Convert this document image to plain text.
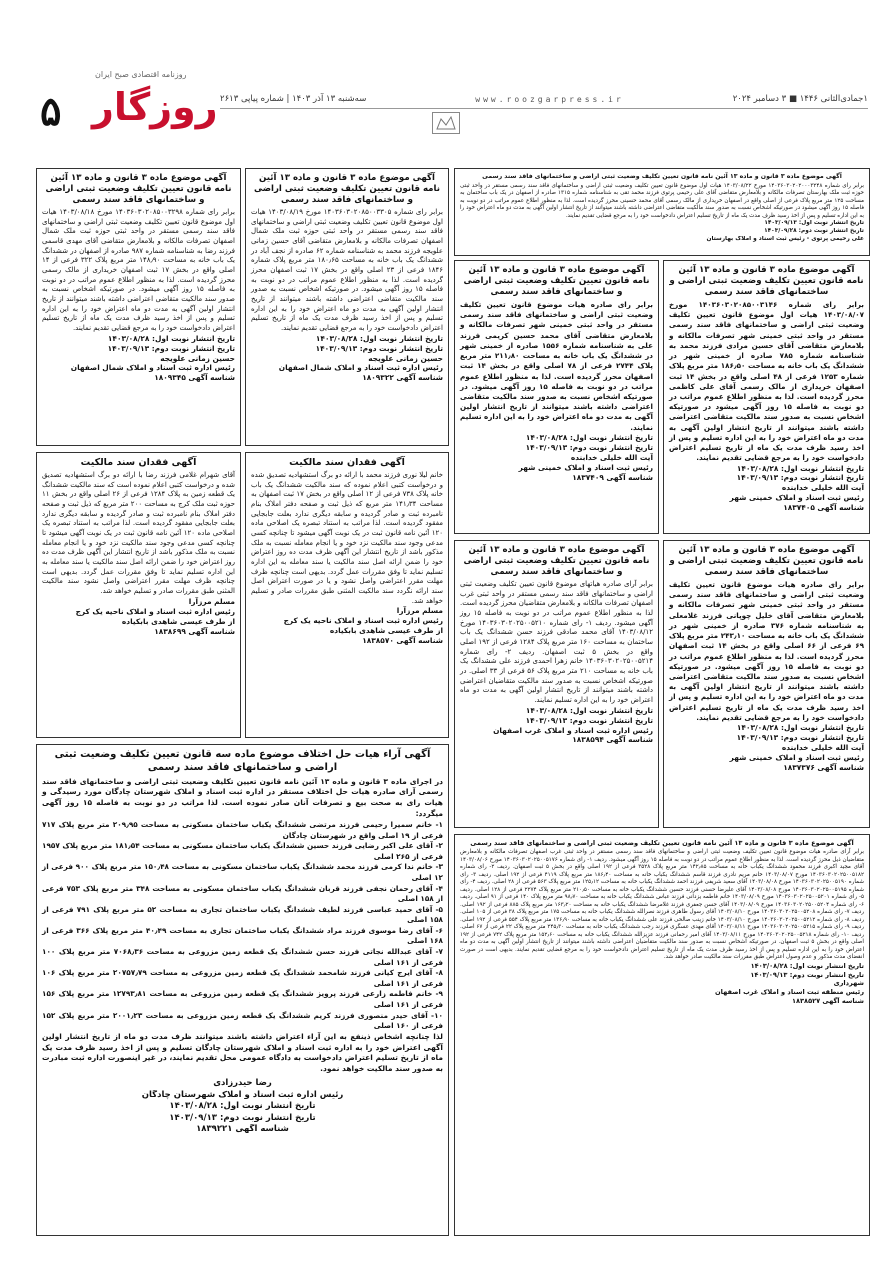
روزنامه اقتصادی صبح ایران
۵ روزگار	۱جمادی‌الثانی ۱۴۴۶ ■ ۳ دسامبر ۲۰۲۴
www.roozgarpress.ir
سه‌شنبه ۱۳ آذر ۱۴۰۳ | شماره پیاپی ۲۶۱۳
آگهی موضوع ماده ۳ قانون و ماده ۱۳ آئین نامه قانون تعیین تکلیف وضعیت ثبتی اراضی و ساختمانهای فاقد سند رسمی

برابر رای شماره ۱۴۰۳۶۰۳۰۲۰۲۰۰۰۳۲۴۸ مورخ ۱۴۰۳/۰۸/۲۲ هیات اول موضوع قانون تعیین تکلیف وضعیت ثبتی اراضی و ساختمانهای فاقد سند رسمی مستقر در واحد ثبتی حوزه ثبت ملک بهارستان تصرفات مالکانه و بلامعارض متقاضی آقای علی رحیمی پرتوی فرزند محمد تقی به شناسنامه شماره ۱۳۱۵ صادره از اصفهان در یک باب ساختمان به مساحت ۱۲۵ متر مربع پلاک فرعی از اصلی واقع در اصفهان خریداری از مالک رسمی آقای محمد حسینی محرز گردیده است. لذا به منظور اطلاع عموم مراتب در دو نوبت به فاصله ۱۵ روز آگهی میشود در صورتیکه اشخاص نسبت به صدور سند مالکیت متقاضی اعتراضی داشته باشند میتوانند از تاریخ انتشار اولین آگهی به مدت دو ماه اعتراض خود را به این اداره تسلیم و پس از اخذ رسید ظرف مدت یک ماه از تاریخ تسلیم اعتراض دادخواست خود را به مرجع قضایی تقدیم نمایند.

تاریخ انتشار نوبت اول: ۱۴۰۳/۰۹/۱۳
تاریخ انتشار نوبت دوم: ۱۴۰۳/۰۹/۲۸
علی رحیمی پرتوی - رئیس ثبت اسناد و املاک بهارستان
آگهی موضوع ماده ۳ قانون و ماده ۱۳ آئین نامه قانون تعیین تکلیف وضعیت ثبتی اراضی و ساختمانهای فاقد سند رسمی

برابر رای شماره ۱۴۰۳۶۰۳۰۲۰۸۵۰۰۳۱۴۶ مورخ ۱۴۰۳/۰۸/۰۷ هیات اول موضوع قانون تعیین تکلیف وضعیت ثبتی اراضی و ساختمانهای فاقد سند رسمی مستقر در واحد ثبتی خمینی شهر تصرفات مالکانه و بلامعارض متقاضی آقای حسین مرادی فرزند محمد به شناسنامه شماره ۷۸۵ صادره از خمینی شهر در ششدانگ یک باب خانه به مساحت ۱۸۶٫۵۰ متر مربع پلاک شماره ۱۲۵۳ فرعی از ۴۸ اصلی واقع در بخش ۱۴ ثبت اصفهان خریداری از مالک رسمی آقای علی کاظمی محرز گردیده است. لذا به منظور اطلاع عموم مراتب در دو نوبت به فاصله ۱۵ روز آگهی میشود در صورتیکه اشخاص نسبت به صدور سند مالکیت متقاضی اعتراضی داشته باشند میتوانند از تاریخ انتشار اولین آگهی به مدت دو ماه اعتراض خود را به این اداره تسلیم و پس از اخذ رسید ظرف مدت یک ماه از تاریخ تسلیم اعتراض دادخواست خود را به مرجع قضایی تقدیم نمایند.

تاریخ انتشار نوبت اول: ۱۴۰۳/۰۸/۲۸
تاریخ انتشار نوبت دوم: ۱۴۰۳/۰۹/۱۳
آیت الله خلیلی خدابنده
رئیس ثبت اسناد و املاک خمینی شهر
شناسه آگهی ۱۸۳۷۴۰۵
آگهی موضوع ماده ۳ قانون و ماده ۱۳ آئین نامه قانون تعیین تکلیف وضعیت ثبتی اراضی و ساختمانهای فاقد سند رسمی

برابر رای صادره هیات موضوع قانون تعیین تکلیف وضعیت ثبتی اراضی و ساختمانهای فاقد سند رسمی مستقر در واحد ثبتی خمینی شهر تصرفات مالکانه و بلامعارض متقاضی آقای محمد حسین کریمی فرزند علی به شناسنامه شماره ۱۵۵۶ صادره از خمینی شهر در ششدانگ یک باب خانه به مساحت ۲۱۱٫۸۰ متر مربع پلاک ۲۷۴۴ فرعی از ۷۸ اصلی واقع در بخش ۱۴ ثبت اصفهان محرز گردیده است. لذا به منظور اطلاع عموم مراتب در دو نوبت به فاصله ۱۵ روز آگهی میشود. در صورتیکه اشخاص نسبت به صدور سند مالکیت متقاضی اعتراضی داشته باشند میتوانند از تاریخ انتشار اولین آگهی به مدت دو ماه اعتراض خود را به این اداره تسلیم نمایند.

تاریخ انتشار نوبت اول: ۱۴۰۳/۰۸/۲۸
تاریخ انتشار نوبت دوم: ۱۴۰۳/۰۹/۱۳
آیت الله خلیلی خدابنده
رئیس ثبت اسناد و املاک خمینی شهر
شناسه آگهی ۱۸۳۷۴۰۹
آگهی موضوع ماده ۳ قانون و ماده ۱۳ آئین نامه قانون تعیین تکلیف وضعیت ثبتی اراضی و ساختمانهای فاقد سند رسمی

برابر رای شماره ۱۴۰۳۶۰۳۰۲۰۸۵۰۰۳۳۰۵ مورخ ۱۴۰۳/۰۸/۱۹ هیات اول موضوع قانون تعیین تکلیف وضعیت ثبتی اراضی و ساختمانهای فاقد سند رسمی مستقر در واحد ثبتی حوزه ثبت ملک شمال اصفهان تصرفات مالکانه و بلامعارض متقاضی آقای حسین زمانی علویجه فرزند محمد به شناسنامه شماره ۶۲ صادره از نجف آباد در ششدانگ یک باب خانه به مساحت ۱۸۰٫۶۵ متر مربع پلاک شماره ۱۸۴۶ فرعی از ۲۳ اصلی واقع در بخش ۱۷ ثبت اصفهان محرز گردیده است. لذا به منظور اطلاع عموم مراتب در دو نوبت به فاصله ۱۵ روز آگهی میشود. در صورتیکه اشخاص نسبت به صدور سند مالکیت متقاضی اعتراضی داشته باشند میتوانند از تاریخ انتشار اولین آگهی به مدت دو ماه اعتراض خود را به این اداره تسلیم و پس از اخذ رسید ظرف مدت یک ماه از تاریخ تسلیم اعتراض دادخواست خود را به مرجع قضایی تقدیم نمایند.

تاریخ انتشار نوبت اول: ۱۴۰۳/۰۸/۲۸
تاریخ انتشار نوبت دوم: ۱۴۰۳/۰۹/۱۳
حسین زمانی علویجه
رئیس اداره ثبت اسناد و املاک شمال اصفهان
شناسه آگهی ۱۸۰۹۳۲۲
آگهی موضوع ماده ۳ قانون و ماده ۱۳ آئین نامه قانون تعیین تکلیف وضعیت ثبتی اراضی و ساختمانهای فاقد سند رسمی

برابر رای شماره ۱۴۰۳۶۰۳۰۲۰۸۵۰۰۳۲۹۸ مورخ ۱۴۰۳/۰۸/۱۸ هیات اول موضوع قانون تعیین تکلیف وضعیت ثبتی اراضی و ساختمانهای فاقد سند رسمی مستقر در واحد ثبتی حوزه ثبت ملک شمال اصفهان تصرفات مالکانه و بلامعارض متقاضی آقای مهدی قاسمی فرزند رضا به شناسنامه شماره ۹۸۷ صادره از اصفهان در ششدانگ یک باب خانه به مساحت ۱۴۸٫۹۰ متر مربع پلاک ۳۲۲ فرعی از ۱۴ اصلی واقع در بخش ۱۷ ثبت اصفهان خریداری از مالک رسمی محرز گردیده است. لذا به منظور اطلاع عموم مراتب در دو نوبت به فاصله ۱۵ روز آگهی میشود. در صورتیکه اشخاص نسبت به صدور سند مالکیت متقاضی اعتراضی داشته باشند میتوانند از تاریخ انتشار اولین آگهی به مدت دو ماه اعتراض خود را به این اداره تسلیم و پس از اخذ رسید ظرف مدت یک ماه از تاریخ تسلیم اعتراض دادخواست خود را به مرجع قضایی تقدیم نمایند.

تاریخ انتشار نوبت اول: ۱۴۰۳/۰۸/۲۸
تاریخ انتشار نوبت دوم: ۱۴۰۳/۰۹/۱۳
حسین زمانی علویجه
رئیس اداره ثبت اسناد و املاک شمال اصفهان
شناسه آگهی ۱۸۰۹۳۴۵
آگهی موضوع ماده ۳ قانون و ماده ۱۳ آئین نامه قانون تعیین تکلیف وضعیت ثبتی اراضی و ساختمانهای فاقد سند رسمی

برابر رای صادره هیات موضوع قانون تعیین تکلیف وضعیت ثبتی اراضی و ساختمانهای فاقد سند رسمی مستقر در واحد ثبتی خمینی شهر تصرفات مالکانه و بلامعارض متقاضی آقای خلیل چوپانی فرزند غلامعلی به شناسنامه شماره ۳۷۶ صادره از خمینی شهر در ششدانگ یک باب خانه به مساحت ۲۴۳٫۱۰ متر مربع پلاک ۶۹ فرعی از ۶۶ اصلی واقع در بخش ۱۴ ثبت اصفهان محرز گردیده است. لذا به منظور اطلاع عموم مراتب در دو نوبت به فاصله ۱۵ روز آگهی میشود. در صورتیکه اشخاص نسبت به صدور سند مالکیت متقاضی اعتراضی داشته باشند میتوانند از تاریخ انتشار اولین آگهی به مدت دو ماه اعتراض خود را به این اداره تسلیم و پس از اخذ رسید ظرف مدت یک ماه از تاریخ تسلیم اعتراض دادخواست خود را به مرجع قضایی تقدیم نمایند.

تاریخ انتشار نوبت اول: ۱۴۰۳/۰۸/۲۸
تاریخ انتشار نوبت دوم: ۱۴۰۳/۰۹/۱۳
آیت الله خلیلی خدابنده
رئیس ثبت اسناد و املاک خمینی شهر
شناسه آگهی ۱۸۳۷۳۷۶
آگهی موضوع ماده ۳ قانون و ماده ۱۳ آئین نامه قانون تعیین تکلیف وضعیت ثبتی اراضی و ساختمانهای فاقد سند رسمی

برابر آرای صادره هیاتهای موضوع قانون تعیین تکلیف وضعیت ثبتی اراضی و ساختمانهای فاقد سند رسمی مستقر در واحد ثبتی غرب اصفهان تصرفات مالکانه و بلامعارض متقاضیان محرز گردیده است. لذا به منظور اطلاع عموم مراتب در دو نوبت به فاصله ۱۵ روز آگهی میشود. ردیف ۱- رای شماره ۱۴۰۳۶۰۳۰۲۰۲۵۰۰۵۲۱۰ مورخ ۱۴۰۳/۰۸/۱۲ آقای محمد صادقی فرزند حسن ششدانگ یک باب ساختمان به مساحت ۱۶۰ متر مربع پلاک ۱۲۸۴ فرعی از ۱۹۲ اصلی واقع در بخش ۵ ثبت اصفهان. ردیف ۲- رای شماره ۱۴۰۳۶۰۳۰۲۰۲۵۰۰۵۲۱۴ خانم زهرا احمدی فرزند علی ششدانگ یک باب خانه به مساحت ۲۱۰ متر مربع پلاک ۵۶ فرعی از ۳۳ اصلی. در صورتیکه اشخاص نسبت به صدور سند مالکیت متقاضیان اعتراضی داشته باشند میتوانند از تاریخ انتشار اولین آگهی به مدت دو ماه اعتراض خود را به این اداره تسلیم نمایند.

تاریخ انتشار نوبت اول: ۱۴۰۳/۰۸/۲۸
تاریخ انتشار نوبت دوم: ۱۴۰۳/۰۹/۱۳
رئیس اداره ثبت اسناد و املاک غرب اصفهان
شناسه آگهی ۱۸۳۸۵۹۴
آگهی فقدان سند مالکیت

خانم لیلا نوری فرزند محمد با ارائه دو برگ استشهادیه تصدیق شده و درخواست کتبی اعلام نموده که سند مالکیت ششدانگ یک باب خانه پلاک ۷۳۸ فرعی از ۱۲ اصلی واقع در بخش ۱۷ ثبت اصفهان به مساحت ۱۴۱٫۳۴ متر مربع که ذیل ثبت و صفحه دفتر املاک بنام نامبرده ثبت و صادر گردیده و سابقه دیگری ندارد بعلت جابجایی مفقود گردیده است. لذا مراتب به استناد تبصره یک اصلاحی ماده ۱۲۰ آئین نامه قانون ثبت در یک نوبت آگهی میشود تا چنانچه کسی مدعی وجود سند مالکیت نزد خود و یا انجام معامله نسبت به ملک مذکور باشد از تاریخ انتشار این آگهی ظرف مدت ده روز اعتراض خود را ضمن ارائه اصل سند مالکیت یا سند معامله به این اداره تسلیم نماید تا وفق مقررات عمل گردد. بدیهی است چنانچه ظرف مهلت مقرر اعتراضی واصل نشود و یا در صورت اعتراض اصل سند ارائه نگردد سند مالکیت المثنی طبق مقررات صادر و تسلیم خواهد شد.

مسلم مرزآرا
رئیس اداره ثبت اسناد و املاک ناحیه یک کرج
از طرف عیسی شاهدی بابکیاده
شناسه آگهی ۱۸۳۸۵۷۰
آگهی فقدان سند مالکیت

آقای شهرام غلامی فرزند رضا با ارائه دو برگ استشهادیه تصدیق شده و درخواست کتبی اعلام نموده است که سند مالکیت ششدانگ یک قطعه زمین به پلاک ۱۲۸۴ فرعی از ۲۶ اصلی واقع در بخش ۱۱ حوزه ثبت ملک کرج به مساحت ۲۰۰ متر مربع که ذیل ثبت و صفحه دفتر املاک بنام نامبرده ثبت و صادر گردیده و سابقه دیگری ندارد بعلت جابجایی مفقود گردیده است. لذا مراتب به استناد تبصره یک اصلاحی ماده ۱۲۰ آئین نامه قانون ثبت در یک نوبت آگهی میشود تا چنانچه کسی مدعی وجود سند مالکیت نزد خود و یا انجام معامله نسبت به ملک مذکور باشد از تاریخ انتشار این آگهی ظرف مدت ده روز اعتراض خود را ضمن ارائه اصل سند مالکیت یا سند معامله به این اداره تسلیم نماید تا وفق مقررات عمل گردد. بدیهی است چنانچه ظرف مهلت مقرر اعتراضی واصل نشود سند مالکیت المثنی طبق مقررات صادر و تسلیم خواهد شد.

مسلم مرزآرا
رئیس اداره ثبت اسناد و املاک ناحیه یک کرج
از طرف عیسی شاهدی بابکیاده
شناسه آگهی ۱۸۳۸۶۹۹
آگهی آراء هیات حل اختلاف موضوع ماده سه قانون تعیین تکلیف وضعیت ثبتی اراضی و ساختمانهای فاقد سند رسمی

در اجرای ماده ۳ قانون و ماده ۱۳ آئین نامه قانون تعیین تکلیف وضعیت ثبتی اراضی و ساختمانهای فاقد سند رسمی آرای صادره هیات حل اختلاف مستقر در اداره ثبت اسناد و املاک شهرستان چادگان مورد رسیدگی و هیات رای به صحت بیع و تصرفات آنان صادر نموده است. لذا مراتب در دو نوبت به فاصله ۱۵ روز آگهی میگردد:

۱- خانم سمیرا رحیمی فرزند مرتضی ششدانگ یکباب ساختمان مسکونی به مساحت ۲۰۹٫۹۵ متر مربع پلاک ۷۱۷ فرعی از ۱۹ اصلی واقع در شهرستان چادگان
۲- آقای علی اکبر رضایی فرزند حسین ششدانگ یکباب ساختمان مسکونی به مساحت ۱۸۱٫۵۴ متر مربع پلاک ۱۹۵۷ فرعی از ۲۶۵ اصلی
۳- خانم ندا کرمی فرزند محمد ششدانگ یکباب ساختمان مسکونی به مساحت ۱۵۰٫۴۸ متر مربع پلاک ۹۰۰ فرعی از ۱۲ اصلی
۴- آقای رحمان نجفی فرزند قربان ششدانگ یکباب ساختمان مسکونی به مساحت ۳۴۸ متر مربع پلاک ۷۵۳ فرعی از ۱۵۸ اصلی
۵- آقای حمید عباسی فرزند لطیف ششدانگ یکباب ساختمان تجاری به مساحت ۵۲ متر مربع پلاک ۷۹۱ فرعی از ۱۵۸ اصلی
۶- آقای رضا موسوی فرزند مراد ششدانگ یکباب ساختمان تجاری به مساحت ۴۰٫۴۹ متر مربع پلاک ۳۶۶ فرعی از ۱۶۸ اصلی
۷- آقای عبدالله نجاتی فرزند حسن ششدانگ یک قطعه زمین مزروعی به مساحت ۷۰۶۸٫۳۶ متر مربع پلاک ۱۰۰ فرعی از ۱۶۱ اصلی
۸- آقای ایرج کیانی فرزند شامحمد ششدانگ یک قطعه زمین مزروعی به مساحت ۲۰۷۵۷٫۷۹ متر مربع پلاک ۱۰۶ فرعی از ۱۶۱ اصلی
۹- خانم فاطمه زارعی فرزند پرویز ششدانگ یک قطعه زمین مزروعی به مساحت ۱۲۷۹۳٫۸۱ متر مربع پلاک ۱۵۶ فرعی از ۱۶۱ اصلی
۱۰- آقای حیدر منصوری فرزند کریم ششدانگ یک قطعه زمین مزروعی به مساحت ۲۰۰۱٫۲۳ متر مربع پلاک ۱۵۲ فرعی از ۱۶۰ اصلی

لذا چنانچه اشخاص ذینفع به این آراء اعتراض داشته باشند میتوانند ظرف مدت دو ماه از تاریخ انتشار اولین آگهی اعتراض خود را به اداره ثبت اسناد و املاک شهرستان چادگان تسلیم و پس از اخذ رسید ظرف مدت یک ماه از تاریخ تسلیم اعتراض دادخواست به دادگاه عمومی محل تقدیم نمایند، در غیر اینصورت اداره ثبت مبادرت به صدور سند مالکیت خواهد نمود.

رضا حیدرزادی
رئیس اداره ثبت اسناد و املاک شهرستان چادگان
تاریخ انتشار نوبت اول: ۱۴۰۳/۰۸/۲۸
تاریخ انتشار نوبت دوم: ۱۴۰۳/۰۹/۱۳
شناسه آگهی ۱۸۳۹۲۲۱
آگهی موضوع ماده ۳ قانون و ماده ۱۳ آئین نامه قانون تعیین تکلیف وضعیت ثبتی اراضی و ساختمانهای فاقد سند رسمی

برابر آرای صادره هیات موضوع قانون تعیین تکلیف وضعیت ثبتی اراضی و ساختمانهای فاقد سند رسمی مستقر در واحد ثبتی غرب اصفهان تصرفات مالکانه و بلامعارض متقاضیان ذیل محرز گردیده است. لذا به منظور اطلاع عموم مراتب در دو نوبت به فاصله ۱۵ روز آگهی میشود. ردیف ۱- رای شماره ۱۴۰۳۶۰۳۰۲۰۲۵۰۰۵۱۷۶ مورخ ۱۴۰۳/۰۸/۰۶ آقای مجید اکبری فرزند محمود ششدانگ یکباب خانه به مساحت ۱۴۲٫۸۵ متر مربع پلاک ۳۵۲۸ فرعی از ۱۹۲ اصلی واقع در بخش ۵ ثبت اصفهان. ردیف ۲- رای شماره ۱۴۰۳۶۰۳۰۲۰۲۵۰۰۵۱۸۲ مورخ ۱۴۰۳/۰۸/۰۷ خانم مریم نادری فرزند قاسم ششدانگ یکباب خانه به مساحت ۱۸۶٫۴۰ متر مربع پلاک ۴۱۱۹ فرعی از ۱۹۲ اصلی. ردیف ۳- رای شماره ۱۴۰۳۶۰۳۰۲۰۲۵۰۰۵۱۹۰ مورخ ۱۴۰۳/۰۸/۰۸ آقای سعید شریفی فرزند احمد ششدانگ یکباب خانه به مساحت ۱۲۵٫۱۲ متر مربع پلاک ۵۶۳ فرعی از ۲۸ اصلی. ردیف ۴- رای شماره ۱۴۰۳۶۰۳۰۲۰۲۵۰۰۵۱۹۵ مورخ ۱۴۰۳/۰۸/۰۸ آقای علیرضا حسنی فرزند حسین ششدانگ یکباب خانه به مساحت ۲۱۰٫۵۰ متر مربع پلاک ۲۲۷۴ فرعی از ۱۲۸ اصلی. ردیف ۵- رای شماره ۱۴۰۳۶۰۳۰۲۰۲۵۰۰۵۲۰۱ مورخ ۱۴۰۳/۰۸/۰۹ خانم فاطمه یزدانی فرزند عباس ششدانگ یکباب خانه به مساحت ۹۸٫۷۰ متر مربع پلاک ۱۴۰ فرعی از ۹۱ اصلی. ردیف ۶- رای شماره ۱۴۰۳۶۰۳۰۲۰۲۵۰۰۵۲۰۴ مورخ ۱۴۰۳/۰۸/۰۹ آقای حسن جعفری فرزند غلامرضا ششدانگ یکباب خانه به مساحت ۱۶۳٫۲۰ متر مربع پلاک ۸۸۵ فرعی از ۱۹۲ اصلی. ردیف ۷- رای شماره ۱۴۰۳۶۰۳۰۲۰۲۵۰۰۵۲۰۸ مورخ ۱۴۰۳/۰۸/۱۰ آقای رسول طاهری فرزند نصرالله ششدانگ یکباب خانه به مساحت ۱۷۵ متر مربع پلاک ۳۸ فرعی از ۱۰۵ اصلی. ردیف ۸- رای شماره ۱۴۰۳۶۰۳۰۲۰۲۵۰۰۵۲۱۲ مورخ ۱۴۰۳/۰۸/۱۰ خانم زینب صالحی فرزند علی ششدانگ یکباب خانه به مساحت ۱۳۶٫۹۰ متر مربع پلاک ۵۵۴ فرعی از ۱۹۲ اصلی. ردیف ۹- رای شماره ۱۴۰۳۶۰۳۰۲۰۲۵۰۰۵۲۱۵ مورخ ۱۴۰۳/۰۸/۱۱ آقای مهدی عسگری فرزند رجب ششدانگ یکباب خانه به مساحت ۲۴۵٫۳۰ متر مربع پلاک ۲۲ فرعی از ۶۷ اصلی. ردیف ۱۰- رای شماره ۱۴۰۳۶۰۳۰۲۰۲۵۰۰۵۲۱۸ مورخ ۱۴۰۳/۰۸/۱۱ آقای امیر رحمانی فرزند عزیزالله ششدانگ یکباب خانه به مساحت ۱۵۲٫۶۰ متر مربع پلاک ۷۴۲ فرعی از ۱۹۲ اصلی واقع در بخش ۵ ثبت اصفهان. در صورتیکه اشخاص نسبت به صدور سند مالکیت متقاضیان اعتراضی داشته باشند میتوانند از تاریخ انتشار اولین آگهی به مدت دو ماه اعتراض خود را به این اداره تسلیم و پس از اخذ رسید ظرف مدت یک ماه از تاریخ تسلیم اعتراض دادخواست خود را به مرجع قضایی تقدیم نمایند. بدیهی است در صورت انقضای مدت مذکور و عدم وصول اعتراض طبق مقررات سند مالکیت صادر خواهد شد.

تاریخ انتشار نوبت اول: ۱۴۰۳/۰۸/۲۸
تاریخ انتشار نوبت دوم: ۱۴۰۳/۰۹/۱۳
شهرداری
رئیس منطقه ثبت اسناد و املاک غرب اصفهان
شناسه آگهی ۱۸۳۸۵۲۷
